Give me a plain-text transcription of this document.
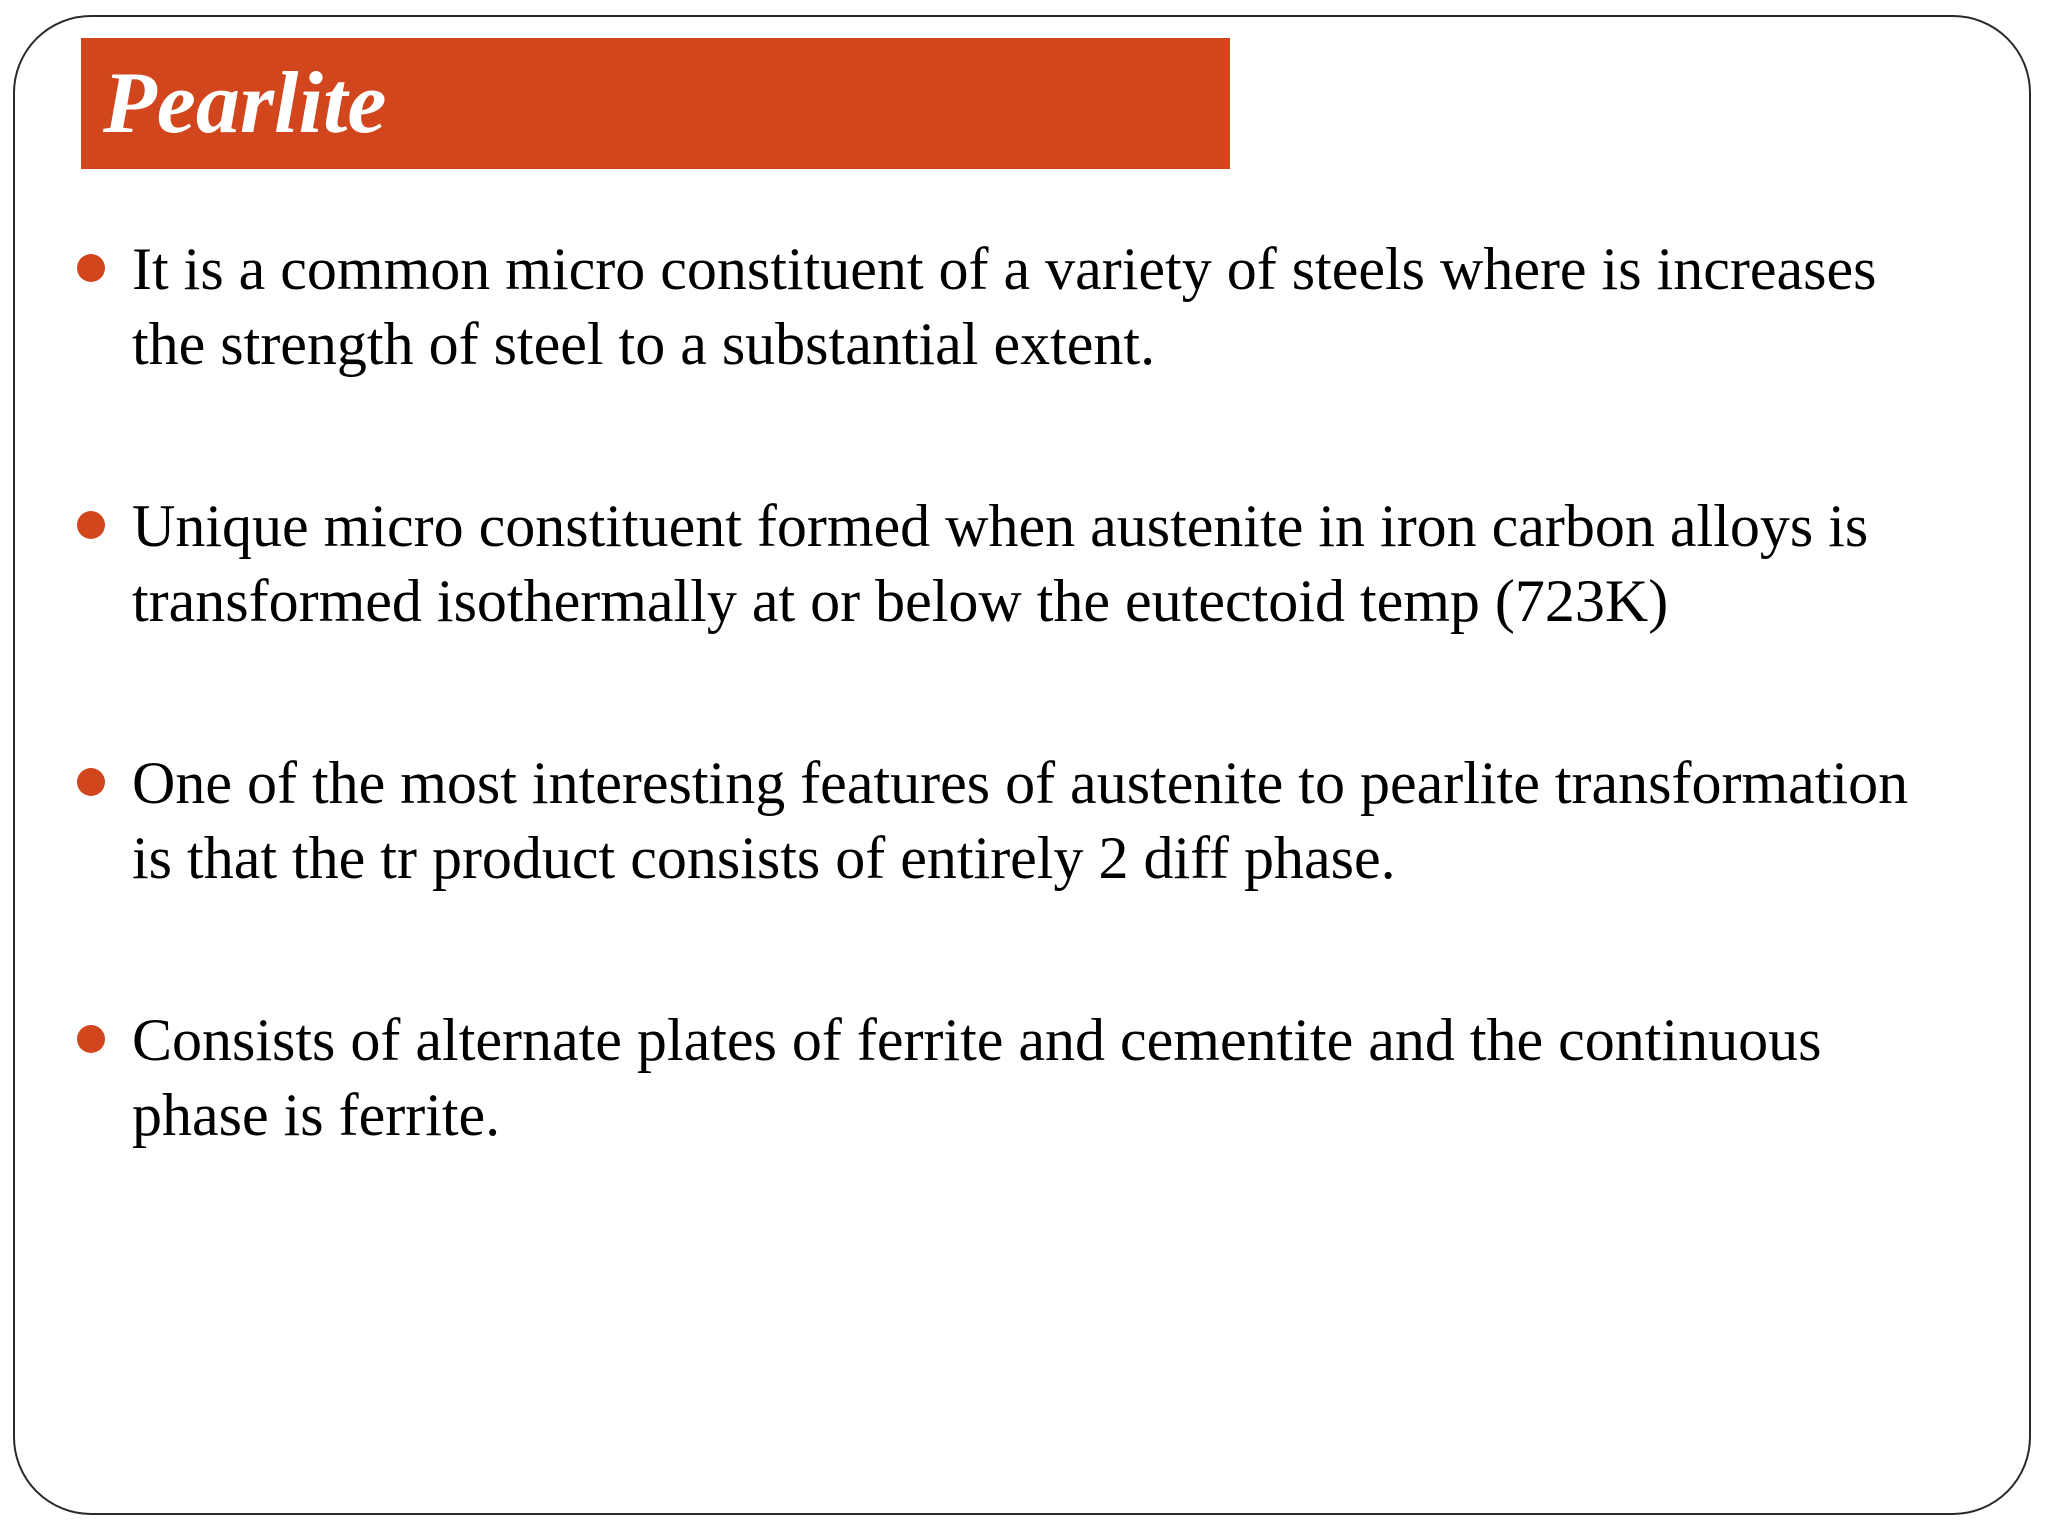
Pearlite
It is a common micro constituent of a variety of steels where is increases
the strength of steel to a substantial extent.
Unique micro constituent formed when austenite in iron carbon alloys is
transformed isothermally at or below the eutectoid temp (723K)
One of the most interesting features of austenite to pearlite transformation
is that the tr product consists of entirely 2 diff phase.
Consists of alternate plates of ferrite and cementite and the continuous
phase is ferrite.
